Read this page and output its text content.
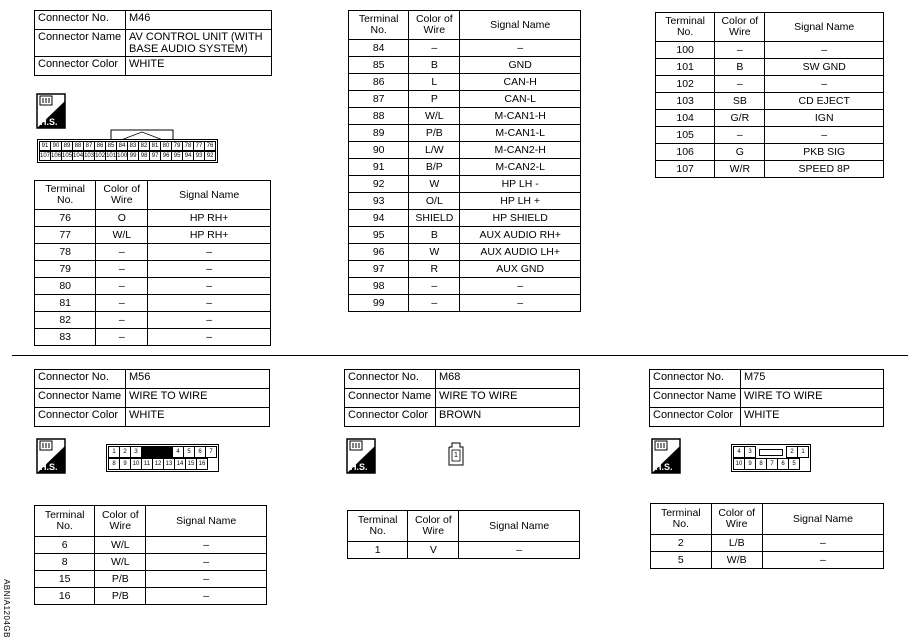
Connector No.	M46
Connector Name	AV CONTROL UNIT (WITH BASE AUDIO SYSTEM)
Connector Color	WHITE
H.S.
91	90	89	88	87	86	85	84	83	82	81	80	79	78	77	76
107	106	105	104	103	102	101	100	99	98	97	96	95	94	93	92
Terminal No.	Color of Wire	Signal Name
76	O	HP RH+
77	W/L	HP RH+
78	–	–
79	–	–
80	–	–
81	–	–
82	–	–
83	–	–
Terminal No.	Color of Wire	Signal Name
84	–	–
85	B	GND
86	L	CAN-H
87	P	CAN-L
88	W/L	M-CAN1-H
89	P/B	M-CAN1-L
90	L/W	M-CAN2-H
91	B/P	M-CAN2-L
92	W	HP LH -
93	O/L	HP LH +
94	SHIELD	HP SHIELD
95	B	AUX AUDIO RH+
96	W	AUX AUDIO LH+
97	R	AUX GND
98	–	–
99	–	–
Terminal No.	Color of Wire	Signal Name
100	–	–
101	B	SW GND
102	–	–
103	SB	CD EJECT
104	G/R	IGN
105	–	–
106	G	PKB SIG
107	W/R	SPEED 8P
Connector No.	M56
Connector Name	WIRE TO WIRE
Connector Color	WHITE
H.S.
1	2	3		4	5	6	7
8	9	10	11	12	13	14	15	16
Terminal No.	Color of Wire	Signal Name
6	W/L	–
8	W/L	–
15	P/B	–
16	P/B	–
Connector No.	M68
Connector Name	WIRE TO WIRE
Connector Color	BROWN
H.S.
1
Terminal No.	Color of Wire	Signal Name
1	V	–
Connector No.	M75
Connector Name	WIRE TO WIRE
Connector Color	WHITE
H.S.
4	3		2	1
10	9	8	7	6	5
Terminal No.	Color of Wire	Signal Name
2	L/B	–
5	W/B	–
ABNIA1204GB
